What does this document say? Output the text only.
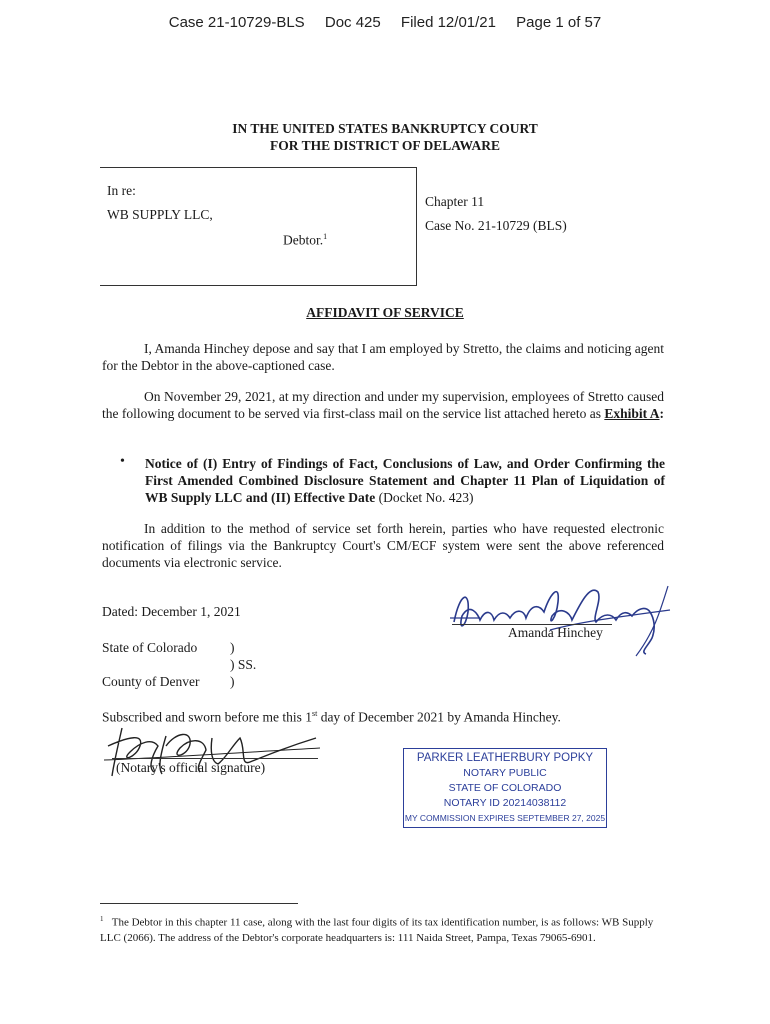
Case 21-10729-BLS Doc 425 Filed 12/01/21 Page 1 of 57
IN THE UNITED STATES BANKRUPTCY COURT
FOR THE DISTRICT OF DELAWARE
In re:
WB SUPPLY LLC,
Debtor.$^1$
Chapter 11
Case No. 21-10729 (BLS)
AFFIDAVIT OF SERVICE
I, Amanda Hinchey depose and say that I am employed by Stretto, the claims and noticing agent for the Debtor in the above-captioned case.
On November 29, 2021, at my direction and under my supervision, employees of Stretto caused the following document to be served via first-class mail on the service list attached hereto as Exhibit A:
• Notice of (I) Entry of Findings of Fact, Conclusions of Law, and Order Confirming the First Amended Combined Disclosure Statement and Chapter 11 Plan of Liquidation of WB Supply LLC and (II) Effective Date (Docket No. 423)
In addition to the method of service set forth herein, parties who have requested electronic notification of filings via the Bankruptcy Court's CM/ECF system were sent the above referenced documents via electronic service.
Dated: December 1, 2021
Amanda Hinchey
State of Colorado )
) SS.
County of Denver )
Subscribed and sworn before me this 1st day of December 2021 by Amanda Hinchey.
(Notary's official signature)
PARKER LEATHERBURY POPKY
NOTARY PUBLIC
STATE OF COLORADO
NOTARY ID 20214038112
MY COMMISSION EXPIRES SEPTEMBER 27, 2025
$^1$ The Debtor in this chapter 11 case, along with the last four digits of its tax identification number, is as follows: WB Supply LLC (2066). The address of the Debtor's corporate headquarters is: 111 Naida Street, Pampa, Texas 79065-6901.
